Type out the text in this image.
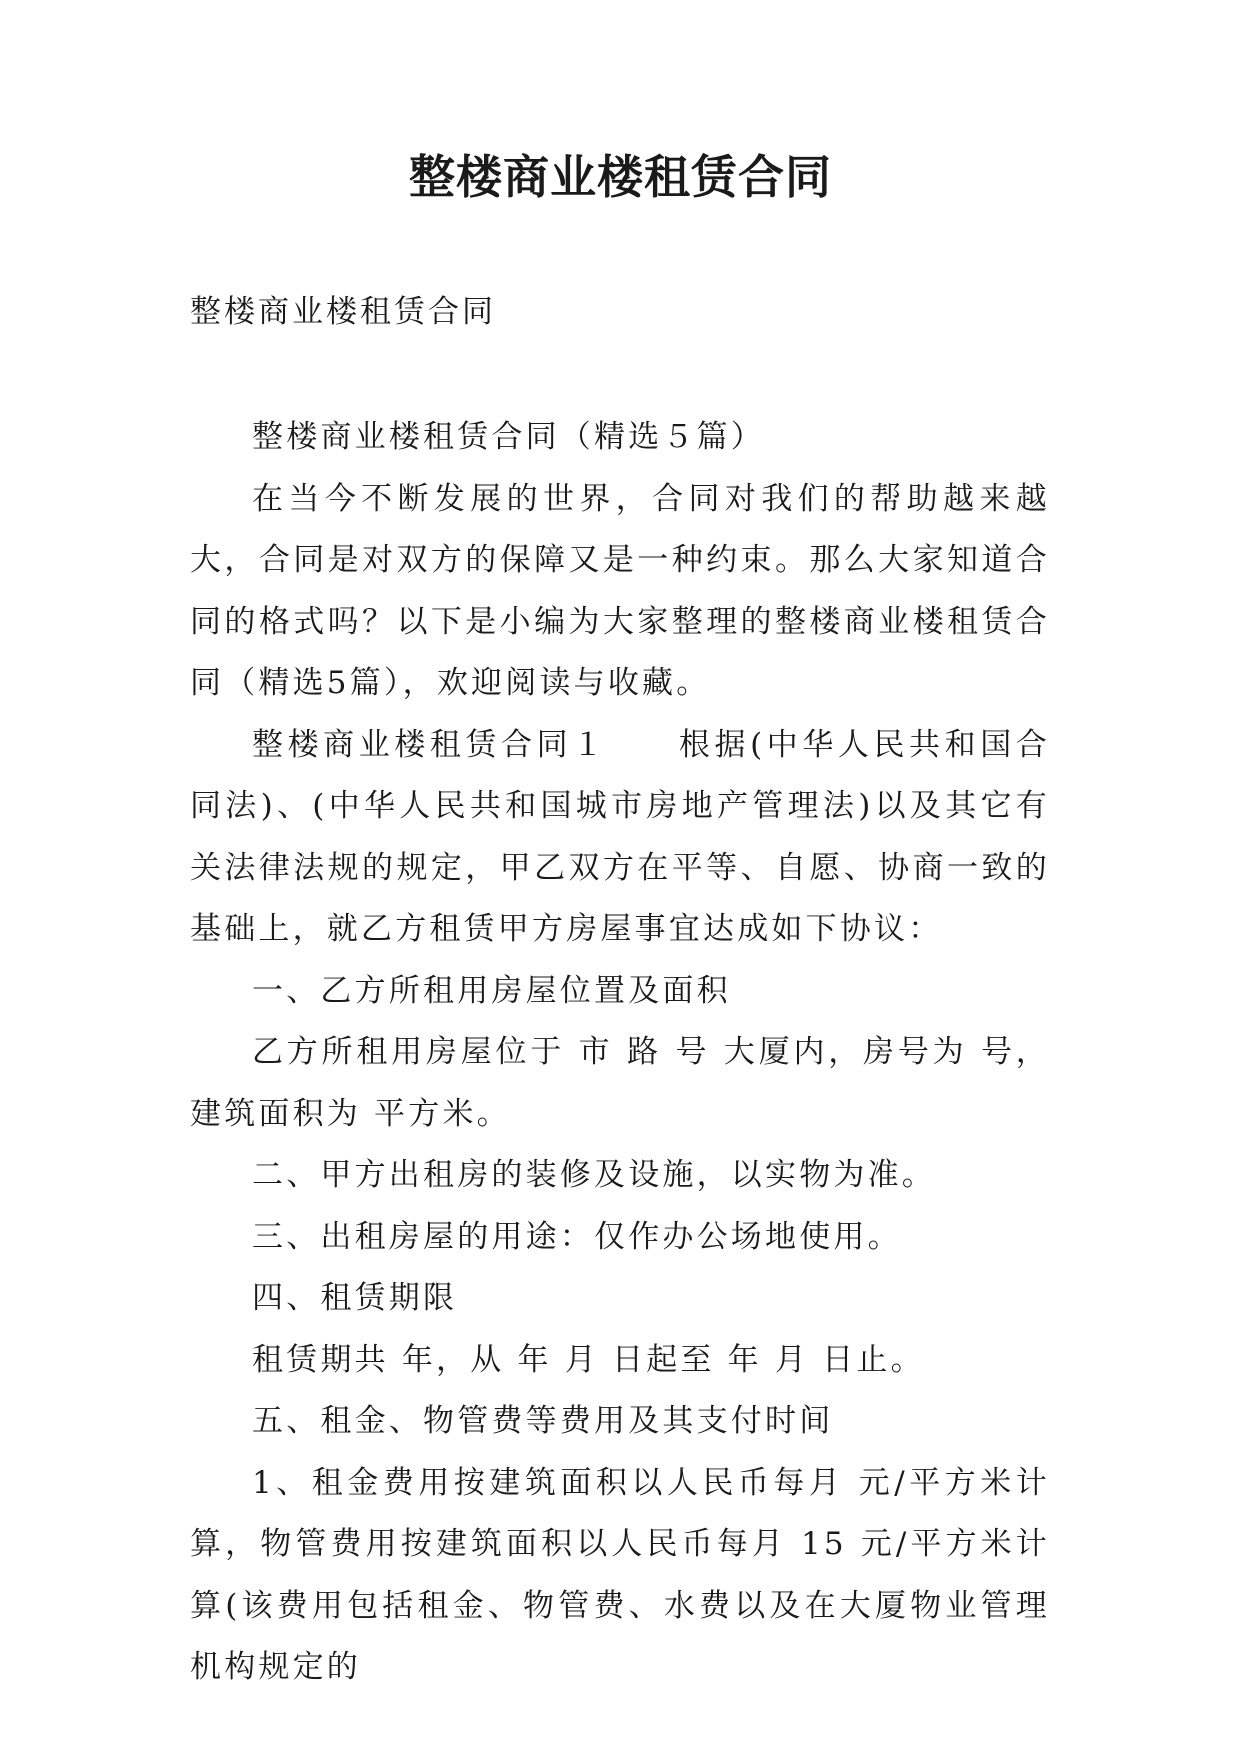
整楼商业楼租赁合同
整楼商业楼租赁合同

整楼商业楼租赁合同（精选５篇）

在当今不断发展的世界，合同对我们的帮助越来越大，合同是对双方的保障又是一种约束。那么大家知道合同的格式吗？以下是小编为大家整理的整楼商业楼租赁合同（精选5篇），欢迎阅读与收藏。

整楼商业楼租赁合同１　　根据(中华人民共和国合同法)、(中华人民共和国城市房地产管理法)以及其它有关法律法规的规定，甲乙双方在平等、自愿、协商一致的基础上，就乙方租赁甲方房屋事宜达成如下协议：

一、乙方所租用房屋位置及面积

乙方所租用房屋位于 市 路 号 大厦内，房号为 号，建筑面积为 平方米。

二、甲方出租房的装修及设施，以实物为准。

三、出租房屋的用途：仅作办公场地使用。

四、租赁期限

租赁期共 年，从 年 月 日起至 年 月 日止。

五、租金、物管费等费用及其支付时间

1、租金费用按建筑面积以人民币每月 元/平方米计算，物管费用按建筑面积以人民币每月 15 元/平方米计算(该费用包括租金、物管费、水费以及在大厦物业管理机构规定的
